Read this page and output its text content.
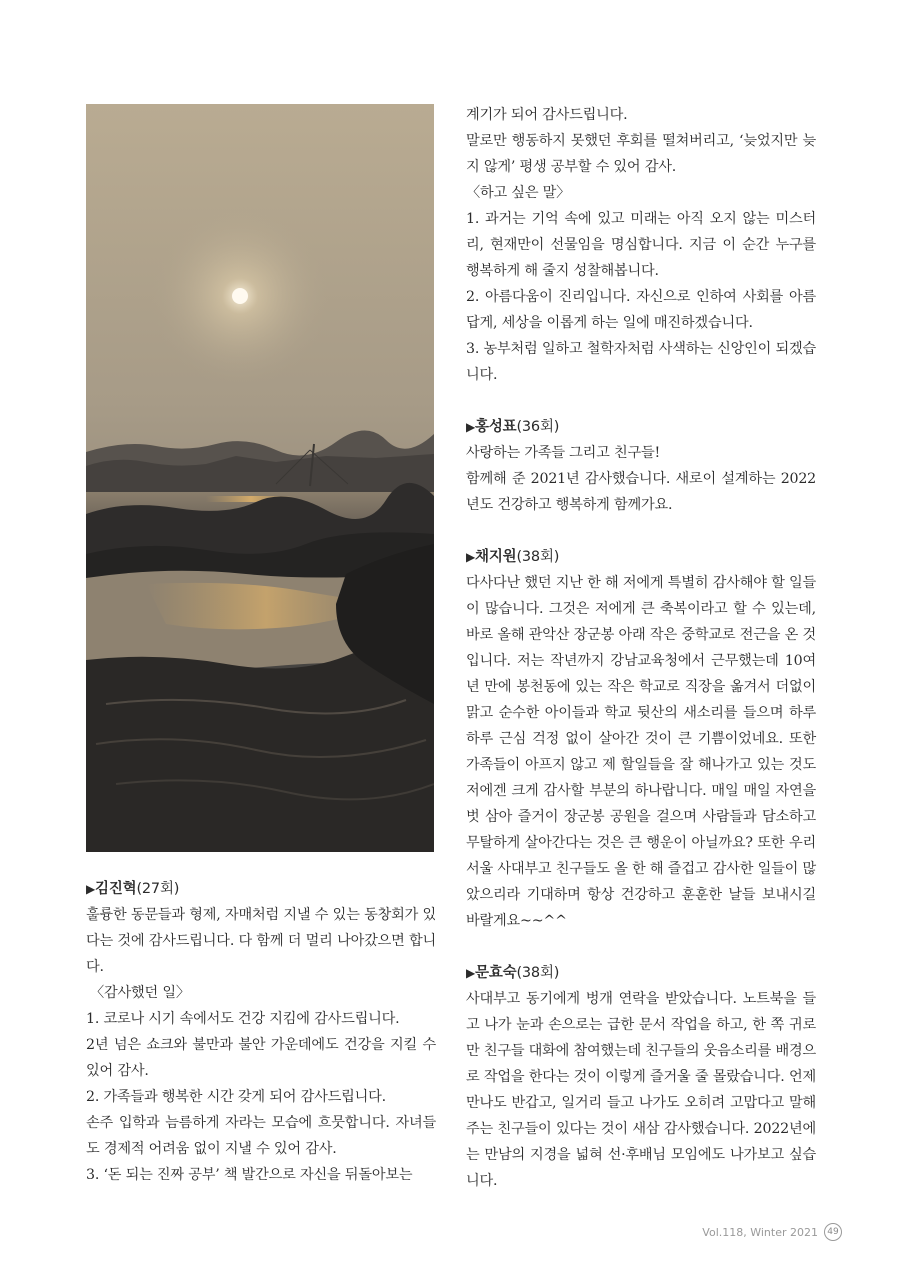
▶김진혁(27회)

훌륭한 동문들과 형제, 자매처럼 지낼 수 있는 동창회가 있다는 것에 감사드립니다. 다 함께 더 멀리 나아갔으면 합니다.

〈감사했던 일〉

1. 코로나 시기 속에서도 건강 지킴에 감사드립니다.

2년 넘은 쇼크와 불만과 불안 가운데에도 건강을 지킬 수 있어 감사.

2. 가족들과 행복한 시간 갖게 되어 감사드립니다.

손주 입학과 늠름하게 자라는 모습에 흐뭇합니다. 자녀들도 경제적 어려움 없이 지낼 수 있어 감사.

3. ‘돈 되는 진짜 공부’ 책 발간으로 자신을 뒤돌아보는

계기가 되어 감사드립니다.

말로만 행동하지 못했던 후회를 떨쳐버리고, ‘늦었지만 늦지 않게’ 평생 공부할 수 있어 감사.

〈하고 싶은 말〉

1. 과거는 기억 속에 있고 미래는 아직 오지 않는 미스터리, 현재만이 선물임을 명심합니다. 지금 이 순간 누구를 행복하게 해 줄지 성찰해봅니다.

2. 아름다움이 진리입니다. 자신으로 인하여 사회를 아름답게, 세상을 이롭게 하는 일에 매진하겠습니다.

3. 농부처럼 일하고 철학자처럼 사색하는 신앙인이 되겠습니다.

▶홍성표(36회)

사랑하는 가족들 그리고 친구들!

함께해 준 2021년 감사했습니다. 새로이 설계하는 2022년도 건강하고 행복하게 함께가요.

▶채지원(38회)

다사다난 했던 지난 한 해 저에게 특별히 감사해야 할 일들이 많습니다. 그것은 저에게 큰 축복이라고 할 수 있는데, 바로 올해 관악산 장군봉 아래 작은 중학교로 전근을 온 것입니다. 저는 작년까지 강남교육청에서 근무했는데 10여 년 만에 봉천동에 있는 작은 학교로 직장을 옮겨서 더없이 맑고 순수한 아이들과 학교 뒷산의 새소리를 들으며 하루하루 근심 걱정 없이 살아간 것이 큰 기쁨이었네요. 또한 가족들이 아프지 않고 제 할일들을 잘 해나가고 있는 것도 저에겐 크게 감사할 부분의 하나랍니다. 매일 매일 자연을 벗 삼아 즐거이 장군봉 공원을 걸으며 사람들과 담소하고 무탈하게 살아간다는 것은 큰 행운이 아닐까요? 또한 우리 서울 사대부고 친구들도 올 한 해 즐겁고 감사한 일들이 많았으리라 기대하며 항상 건강하고 훈훈한 날들 보내시길 바랄게요~~^^

▶문효숙(38회)

사대부고 동기에게 벙개 연락을 받았습니다. 노트북을 들고 나가 눈과 손으로는 급한 문서 작업을 하고, 한 쪽 귀로만 친구들 대화에 참여했는데 친구들의 웃음소리를 배경으로 작업을 한다는 것이 이렇게 즐거울 줄 몰랐습니다. 언제 만나도 반갑고, 일거리 들고 나가도 오히려 고맙다고 말해주는 친구들이 있다는 것이 새삼 감사했습니다. 2022년에는 만남의 지경을 넓혀 선·후배님 모임에도 나가보고 싶습니다.

Vol.118, Winter 2021	49
